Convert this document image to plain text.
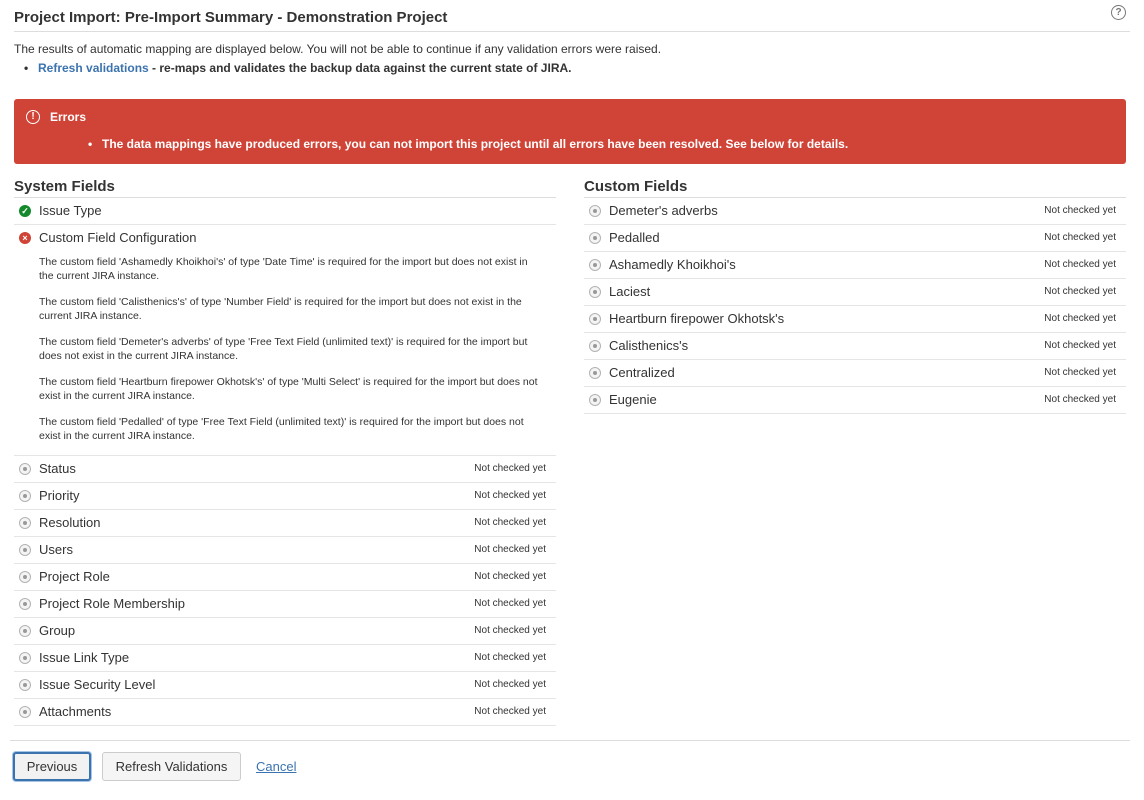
Project Import: Pre-Import Summary - Demonstration Project	?
The results of automatic mapping are displayed below. You will not be able to continue if any validation errors were raised.
• Refresh validations - re-maps and validates the backup data against the current state of JIRA.
!	Errors
• The data mappings have produced errors, you can not import this project until all errors have been resolved. See below for details.
System Fields
✓ Issue Type
× Custom Field Configuration

The custom field 'Ashamedly Khoikhoi's' of type 'Date Time' is required for the import but does not exist in the current JIRA instance.

The custom field 'Calisthenics's' of type 'Number Field' is required for the import but does not exist in the current JIRA instance.

The custom field 'Demeter's adverbs' of type 'Free Text Field (unlimited text)' is required for the import but does not exist in the current JIRA instance.

The custom field 'Heartburn firepower Okhotsk's' of type 'Multi Select' is required for the import but does not exist in the current JIRA instance.

The custom field 'Pedalled' of type 'Free Text Field (unlimited text)' is required for the import but does not exist in the current JIRA instance.

Status	Not checked yet
Priority	Not checked yet
Resolution	Not checked yet
Users	Not checked yet
Project Role	Not checked yet
Project Role Membership	Not checked yet
Group	Not checked yet
Issue Link Type	Not checked yet
Issue Security Level	Not checked yet
Attachments	Not checked yet
Custom Fields
Demeter's adverbs	Not checked yet
Pedalled	Not checked yet
Ashamedly Khoikhoi's	Not checked yet
Laciest	Not checked yet
Heartburn firepower Okhotsk's	Not checked yet
Calisthenics's	Not checked yet
Centralized	Not checked yet
Eugenie	Not checked yet
Previous	Refresh Validations	Cancel
